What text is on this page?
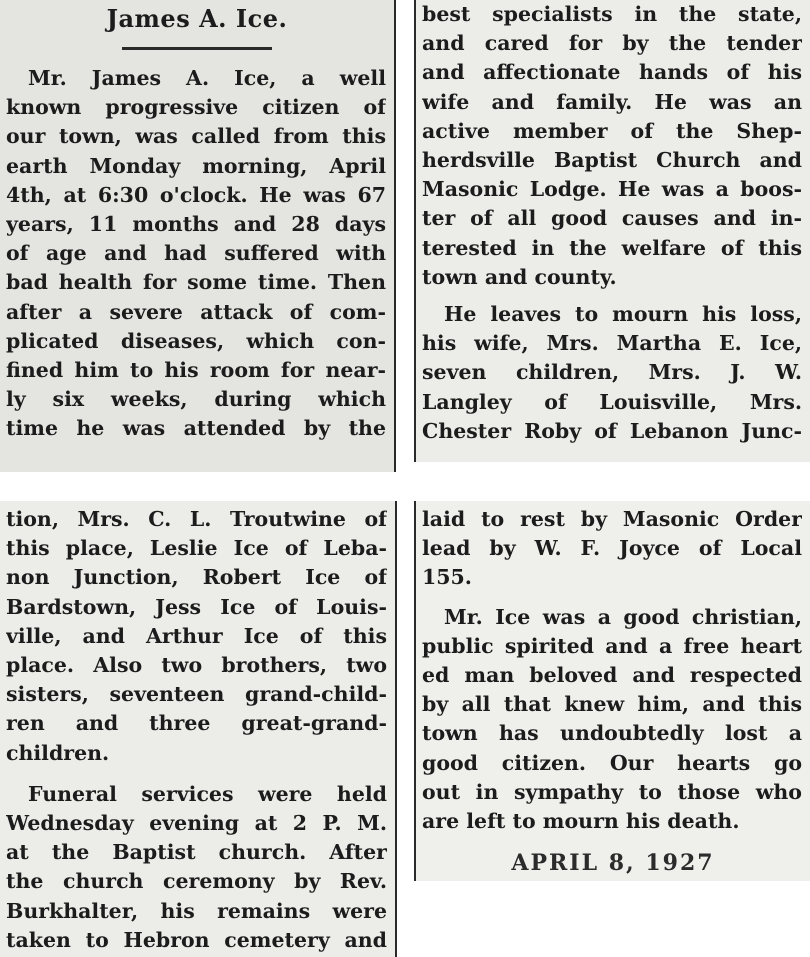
James A. Ice.
Mr. James A. Ice, a well
known progressive citizen of
our town, was called from this
earth Monday morning, April
4th, at 6:30 o'clock. He was 67
years, 11 months and 28 days
of age and had suffered with
bad health for some time. Then
after a severe attack of com-
plicated diseases, which con-
fined him to his room for near-
ly six weeks, during which
time he was attended by the
best specialists in the state,
and cared for by the tender
and affectionate hands of his
wife and family. He was an
active member of the Shep-
herdsville Baptist Church and
Masonic Lodge. He was a boos-
ter of all good causes and in-
terested in the welfare of this
town and county.
He leaves to mourn his loss,
his wife, Mrs. Martha E. Ice,
seven children, Mrs. J. W.
Langley of Louisville, Mrs.
Chester Roby of Lebanon Junc-
tion, Mrs. C. L. Troutwine of
this place, Leslie Ice of Leba-
non Junction, Robert Ice of
Bardstown, Jess Ice of Louis-
ville, and Arthur Ice of this
place. Also two brothers, two
sisters, seventeen grand-child-
ren and three great-grand-
children.
Funeral services were held
Wednesday evening at 2 P. M.
at the Baptist church. After
the church ceremony by Rev.
Burkhalter, his remains were
taken to Hebron cemetery and
laid to rest by Masonic Order
lead by W. F. Joyce of Local
155.
Mr. Ice was a good christian,
public spirited and a free heart
ed man beloved and respected
by all that knew him, and this
town has undoubtedly lost a
good citizen. Our hearts go
out in sympathy to those who
are left to mourn his death.
APRIL 8, 1927
